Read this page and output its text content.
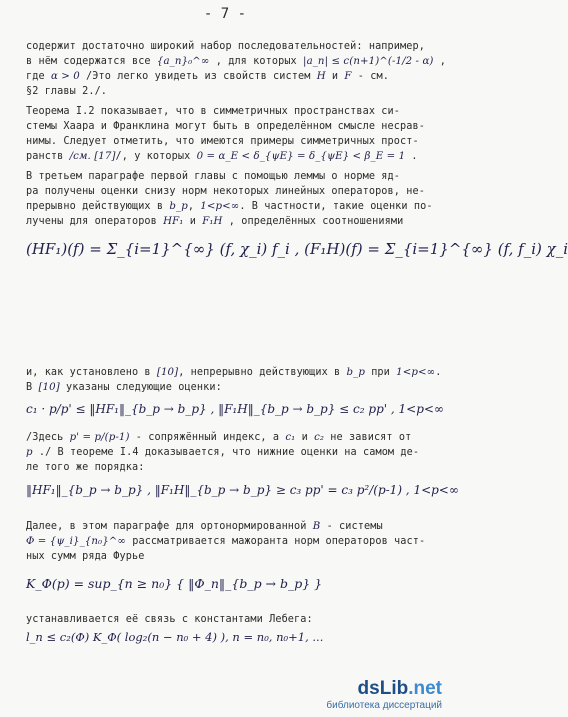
- 7 -
содержит достаточно широкий набор последовательностей: например,
в нём содержатся все {a_n}₀^∞ , для которых |a_n| ≤ c(n+1)^(-1/2 - α) ,
где α > 0 /Это легко увидеть из свойств систем H и F - см.
§2 главы 2./.
Теорема I.2 показывает, что в симметричных пространствах си-
стемы Хаара и Франклина могут быть в определённом смысле несрав-
нимы. Следует отметить, что имеются примеры симметричных прост-
ранств /см. [17]/, у которых 0 = α_E < δ_{ψE} = δ_{ψE} < β_E = 1 .
В третьем параграфе первой главы с помощью леммы о норме яд-
ра получены оценки снизу норм некоторых линейных операторов, не-
прерывно действующих в b_p, 1<p<∞. В частности, такие оценки по-
лучены для операторов HF₁ и F₁H , определённых соотношениями
и, как установлено в [10], непрерывно действующих в b_p при 1<p<∞.
В [10] указаны следующие оценки:
/Здесь p' = p/(p-1) - сопряжённый индекс, а c₁ и c₂ не зависят от
p ./ В теореме I.4 доказывается, что нижние оценки на самом де-
ле того же порядка:
Далее, в этом параграфе для ортонормированной B - системы
Φ = {ψ_i}_{n₀}^∞ рассматривается мажоранта норм операторов част-
ных сумм ряда Фурье
устанавливается её связь с константами Лебега:
(HF₁)(f) = Σ_{i=1}^{∞} (f, χ_i) f_i , (F₁H)(f) = Σ_{i=1}^{∞} (f, f_i) χ_i
c₁ · p/p' ≤ ‖HF₁‖_{b_p → b_p} , ‖F₁H‖_{b_p → b_p} ≤ c₂ pp' , 1<p<∞
‖HF₁‖_{b_p → b_p} , ‖F₁H‖_{b_p → b_p} ≥ c₃ pp' = c₃ p²/(p-1) , 1<p<∞
K_Φ(p) = sup_{n ≥ n₀} { ‖Φ_n‖_{b_p → b_p} }
l_n ≤ c₂(Φ) K_Φ( log₂(n − n₀ + 4) ), n = n₀, n₀+1, ...
dsLib.net
библиотека диссертаций
